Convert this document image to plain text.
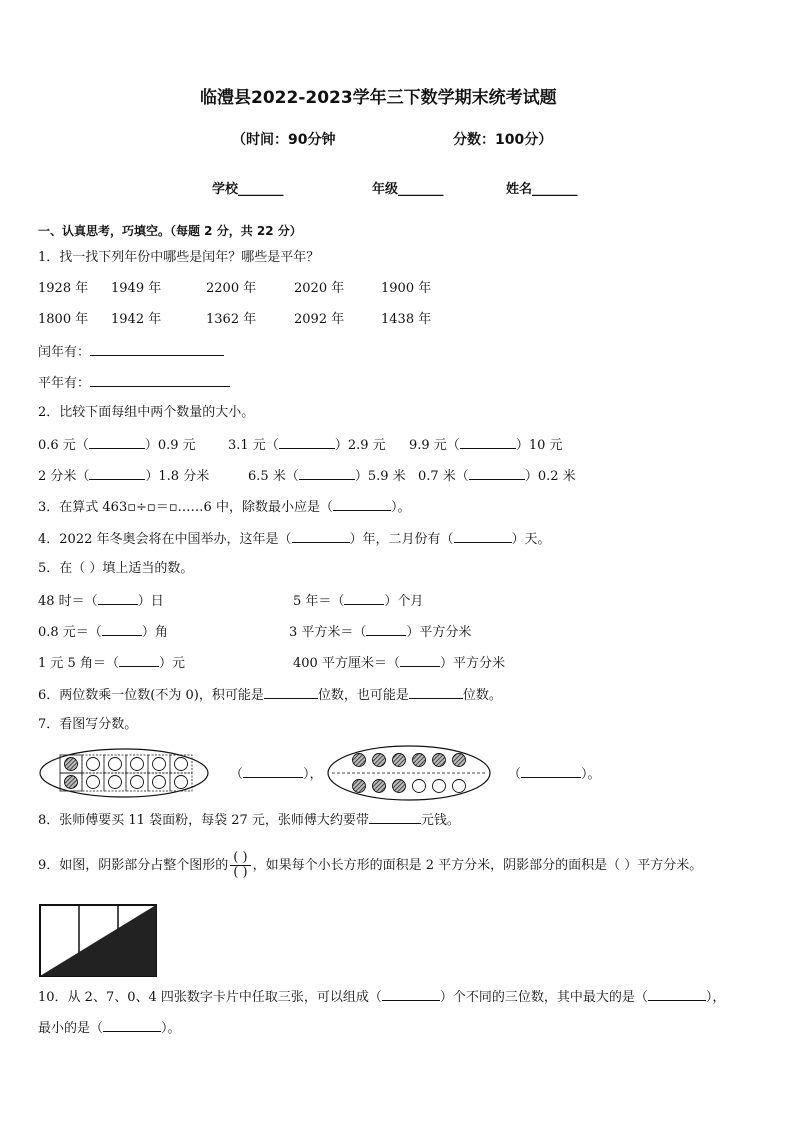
临澧县2022-2023学年三下数学期末统考试题
（时间：90分钟	分数：100分）
学校_______	年级_______	姓名_______
一、认真思考，巧填空。（每题 2 分，共 22 分）
1．找一找下列年份中哪些是闰年？哪些是平年？
1928 年 1949 年	2200 年	2020 年	1900 年
1800 年 1942 年	1362 年	2092 年	1438 年
闰年有：
平年有：
2．比较下面每组中两个数量的大小。
0.6 元（	）0.9 元 3.1 元（	）2.9 元 9.9 元（	）10 元
2 分米（	）1.8 分米	6.5 米（	）5.9 米 0.7 米（	）0.2 米
3．在算式 463▫÷▫＝▫……6 中，除数最小应是（	）。
4．2022 年冬奥会将在中国举办，这年是（	）年，二月份有（	）天。
5．在（ ）填上适当的数。
48 时＝（	）日	5 年＝（	）个月
0.8 元＝（	）角	3 平方米＝（	）平方分米
1 元 5 角＝（	）元	400 平方厘米＝（	）平方分米
6．两位数乘一位数(不为 0)，积可能是	位数，也可能是	位数。
7．看图写分数。
（	），	（	）。
8．张师傅要买 11 袋面粉，每袋 27 元，张师傅大约要带	元钱。
9．如图，阴影部分占整个图形的 $\frac{( )}{( )}$ ，如果每个小长方形的面积是 2 平方分米，阴影部分的面积是（ ）平方分米。
10．从 2、7、0、4 四张数字卡片中任取三张，可以组成（	）个不同的三位数，其中最大的是（	），
最小的是（	）。
